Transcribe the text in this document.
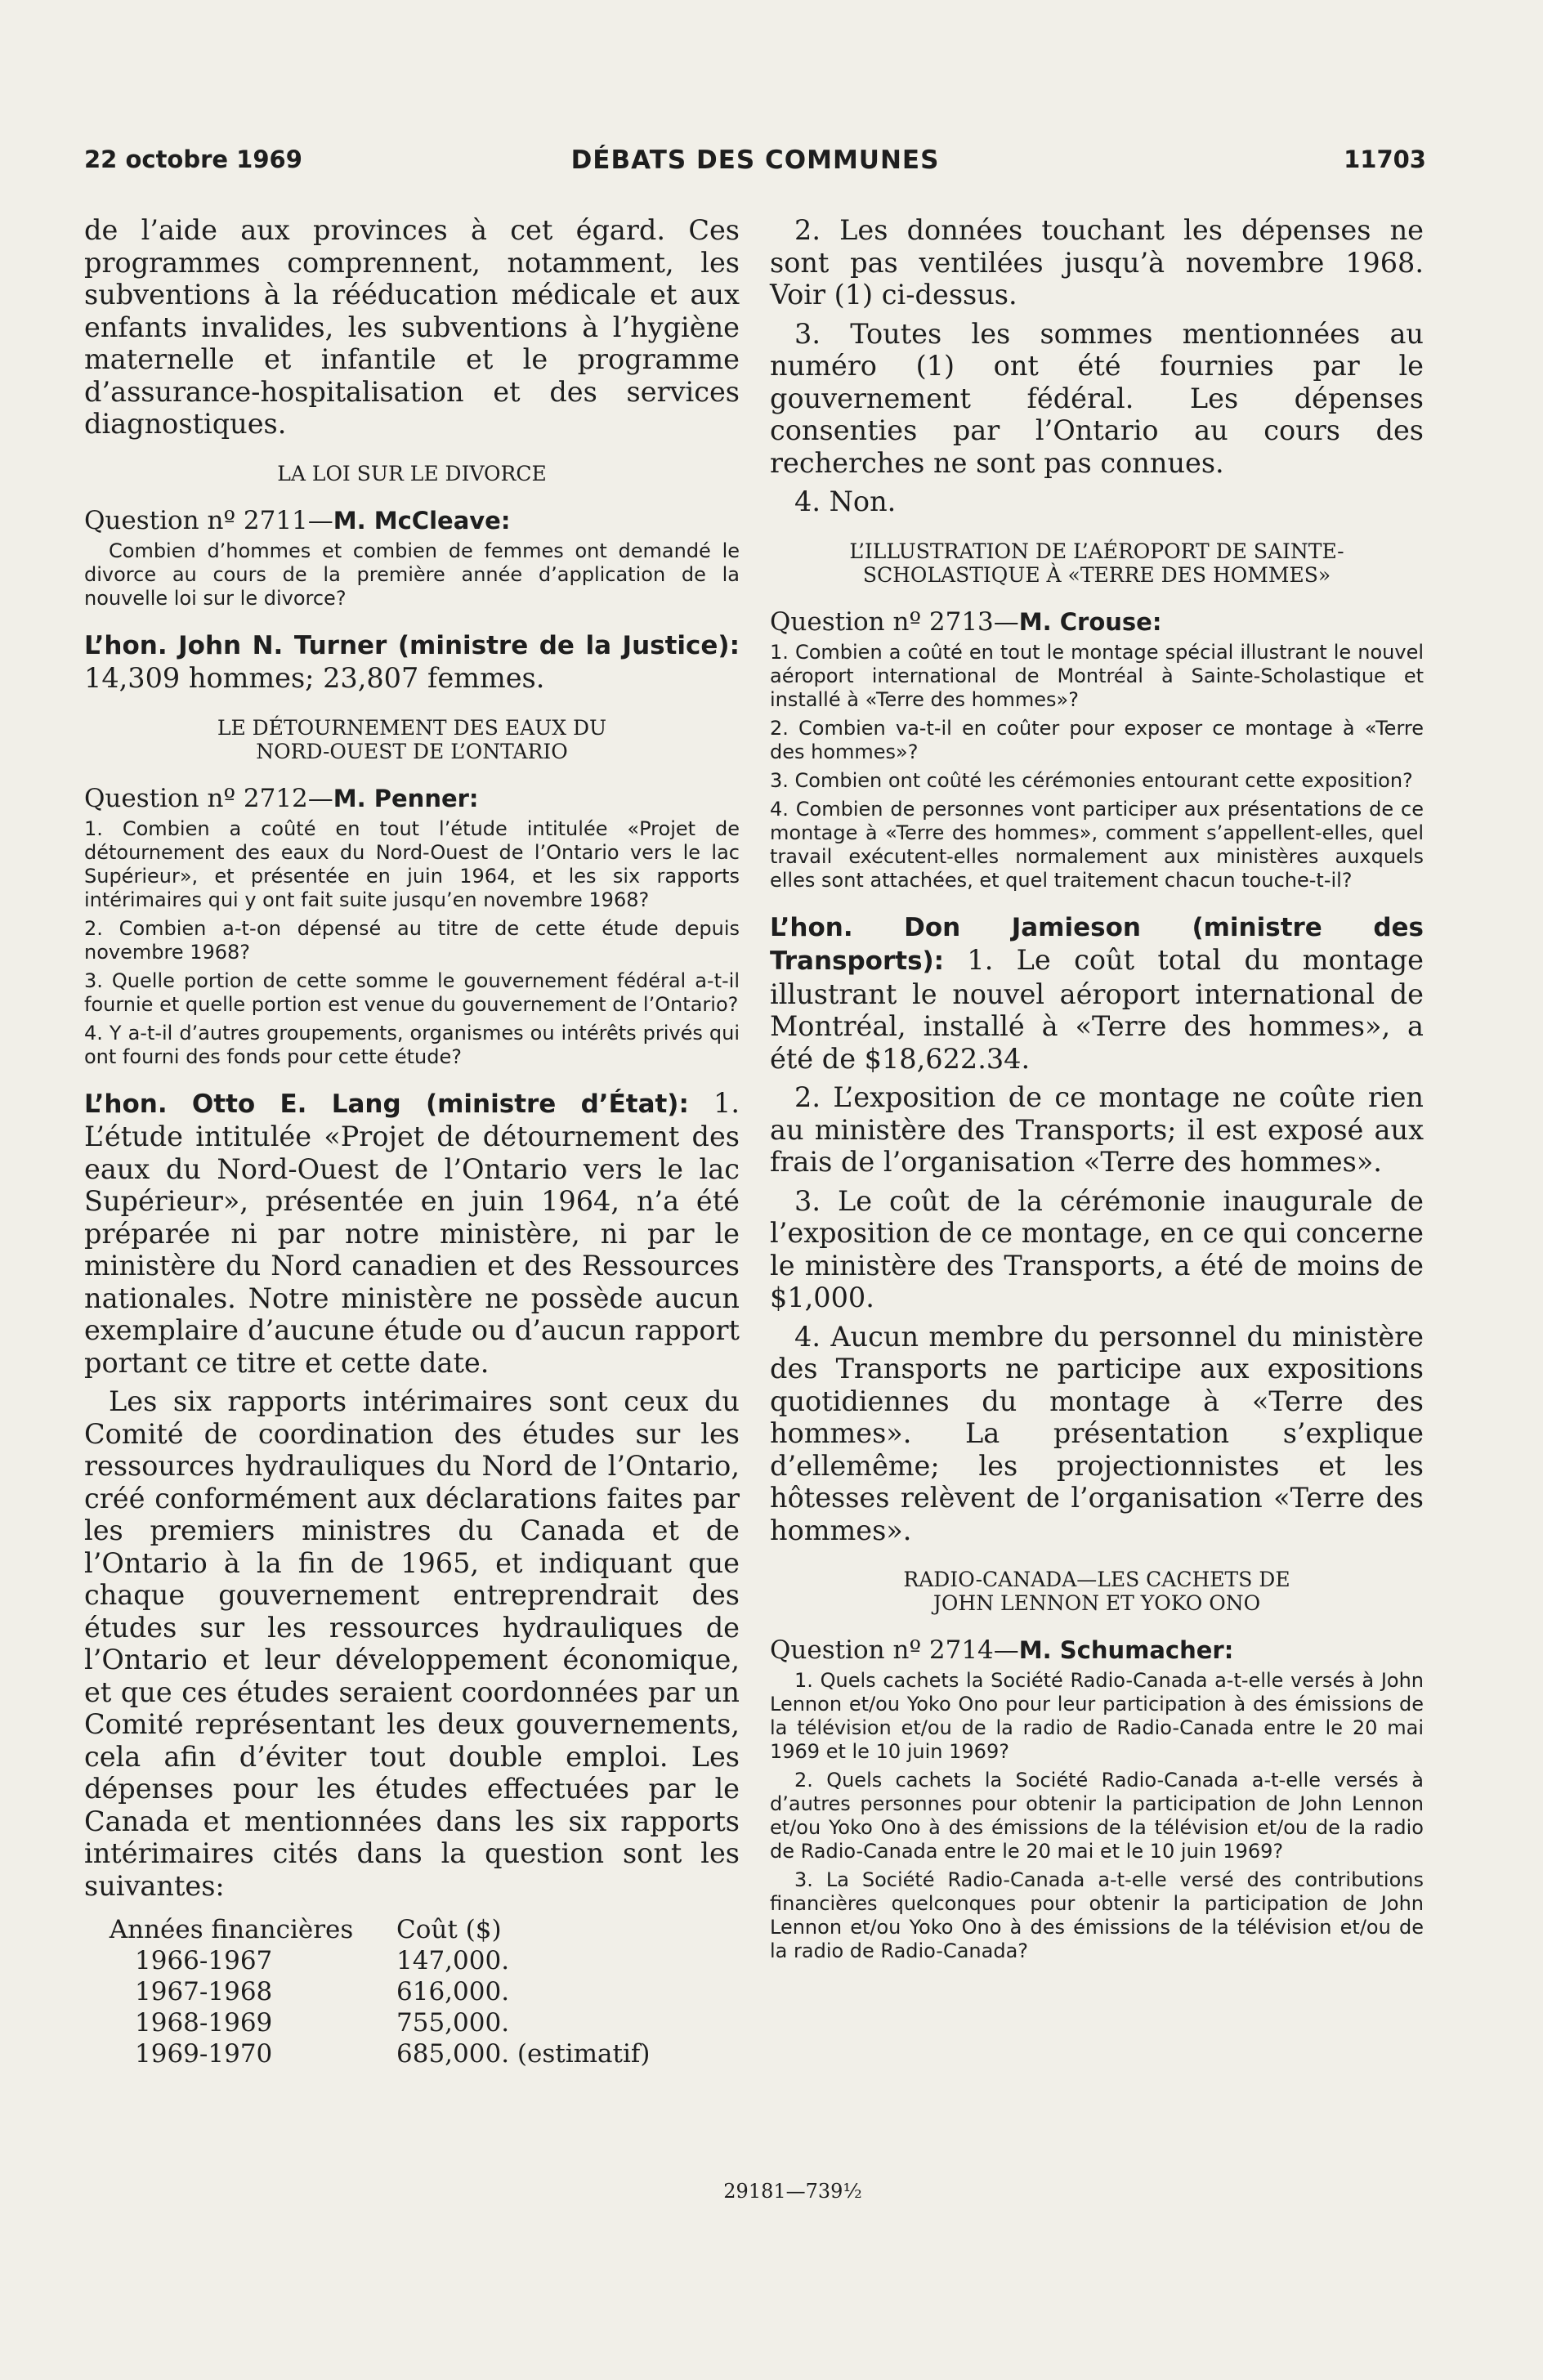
22 octobre 1969	DÉBATS DES COMMUNES	11703

de l’aide aux provinces à cet égard. Ces programmes comprennent, notamment, les subventions à la rééducation médicale et aux enfants invalides, les subventions à l’hygiène maternelle et infantile et le programme d’assurance-hospitalisation et des services diagnostiques.

LA LOI SUR LE DIVORCE
Question nº 2711—M. McCleave:

Combien d’hommes et combien de femmes ont demandé le divorce au cours de la première année d’application de la nouvelle loi sur le divorce?

L’hon. John N. Turner (ministre de la Justice): 14,309 hommes; 23,807 femmes.

LE DÉTOURNEMENT DES EAUX DU
NORD-OUEST DE L’ONTARIO
Question nº 2712—M. Penner:

1. Combien a coûté en tout l’étude intitulée «Projet de détournement des eaux du Nord-Ouest de l’Ontario vers le lac Supérieur», et présentée en juin 1964, et les six rapports intérimaires qui y ont fait suite jusqu’en novembre 1968?

2. Combien a-t-on dépensé au titre de cette étude depuis novembre 1968?

3. Quelle portion de cette somme le gouvernement fédéral a-t-il fournie et quelle portion est venue du gouvernement de l’Ontario?

4. Y a-t-il d’autres groupements, organismes ou intérêts privés qui ont fourni des fonds pour cette étude?

L’hon. Otto E. Lang (ministre d’État): 1. L’étude intitulée «Projet de détournement des eaux du Nord-Ouest de l’Ontario vers le lac Supérieur», présentée en juin 1964, n’a été préparée ni par notre ministère, ni par le ministère du Nord canadien et des Ressources nationales. Notre ministère ne possède aucun exemplaire d’aucune étude ou d’aucun rapport portant ce titre et cette date.

Les six rapports intérimaires sont ceux du Comité de coordination des études sur les ressources hydrauliques du Nord de l’Ontario, créé conformément aux déclarations faites par les premiers ministres du Canada et de l’Ontario à la fin de 1965, et indiquant que chaque gouvernement entreprendrait des études sur les ressources hydrauliques de l’Ontario et leur développement économique, et que ces études seraient coordonnées par un Comité représentant les deux gouvernements, cela afin d’éviter tout double emploi. Les dépenses pour les études effectuées par le Canada et mentionnées dans les six rapports intérimaires cités dans la question sont les suivantes:

Années financières	Coût ($)
1966-1967	147,000.
1967-1968	616,000.
1968-1969	755,000.
1969-1970	685,000. (estimatif)

2. Les données touchant les dépenses ne sont pas ventilées jusqu’à novembre 1968. Voir (1) ci-dessus.

3. Toutes les sommes mentionnées au numéro (1) ont été fournies par le gouvernement fédéral. Les dépenses consenties par l’Ontario au cours des recherches ne sont pas connues.

4. Non.

L’ILLUSTRATION DE L’AÉROPORT DE SAINTE-
SCHOLASTIQUE À «TERRE DES HOMMES»
Question nº 2713—M. Crouse:

1. Combien a coûté en tout le montage spécial illustrant le nouvel aéroport international de Montréal à Sainte-Scholastique et installé à «Terre des hommes»?

2. Combien va-t-il en coûter pour exposer ce montage à «Terre des hommes»?

3. Combien ont coûté les cérémonies entourant cette exposition?

4. Combien de personnes vont participer aux présentations de ce montage à «Terre des hommes», comment s’appellent-elles, quel travail exécutent-elles normalement aux ministères auxquels elles sont attachées, et quel traitement chacun touche-t-il?

L’hon. Don Jamieson (ministre des Transports): 1. Le coût total du montage illustrant le nouvel aéroport international de Montréal, installé à «Terre des hommes», a été de $18,622.34.

2. L’exposition de ce montage ne coûte rien au ministère des Transports; il est exposé aux frais de l’organisation «Terre des hommes».

3. Le coût de la cérémonie inaugurale de l’exposition de ce montage, en ce qui concerne le ministère des Transports, a été de moins de $1,000.

4. Aucun membre du personnel du ministère des Transports ne participe aux expositions quotidiennes du montage à «Terre des hommes». La présentation s’explique d’ellemême; les projectionnistes et les hôtesses relèvent de l’organisation «Terre des hommes».

RADIO-CANADA—LES CACHETS DE
JOHN LENNON ET YOKO ONO
Question nº 2714—M. Schumacher:

1. Quels cachets la Société Radio-Canada a-t-elle versés à John Lennon et/ou Yoko Ono pour leur participation à des émissions de la télévision et/ou de la radio de Radio-Canada entre le 20 mai 1969 et le 10 juin 1969?

2. Quels cachets la Société Radio-Canada a-t-elle versés à d’autres personnes pour obtenir la participation de John Lennon et/ou Yoko Ono à des émissions de la télévision et/ou de la radio de Radio-Canada entre le 20 mai et le 10 juin 1969?

3. La Société Radio-Canada a-t-elle versé des contributions financières quelconques pour obtenir la participation de John Lennon et/ou Yoko Ono à des émissions de la télévision et/ou de la radio de Radio-Canada?

29181—739½
